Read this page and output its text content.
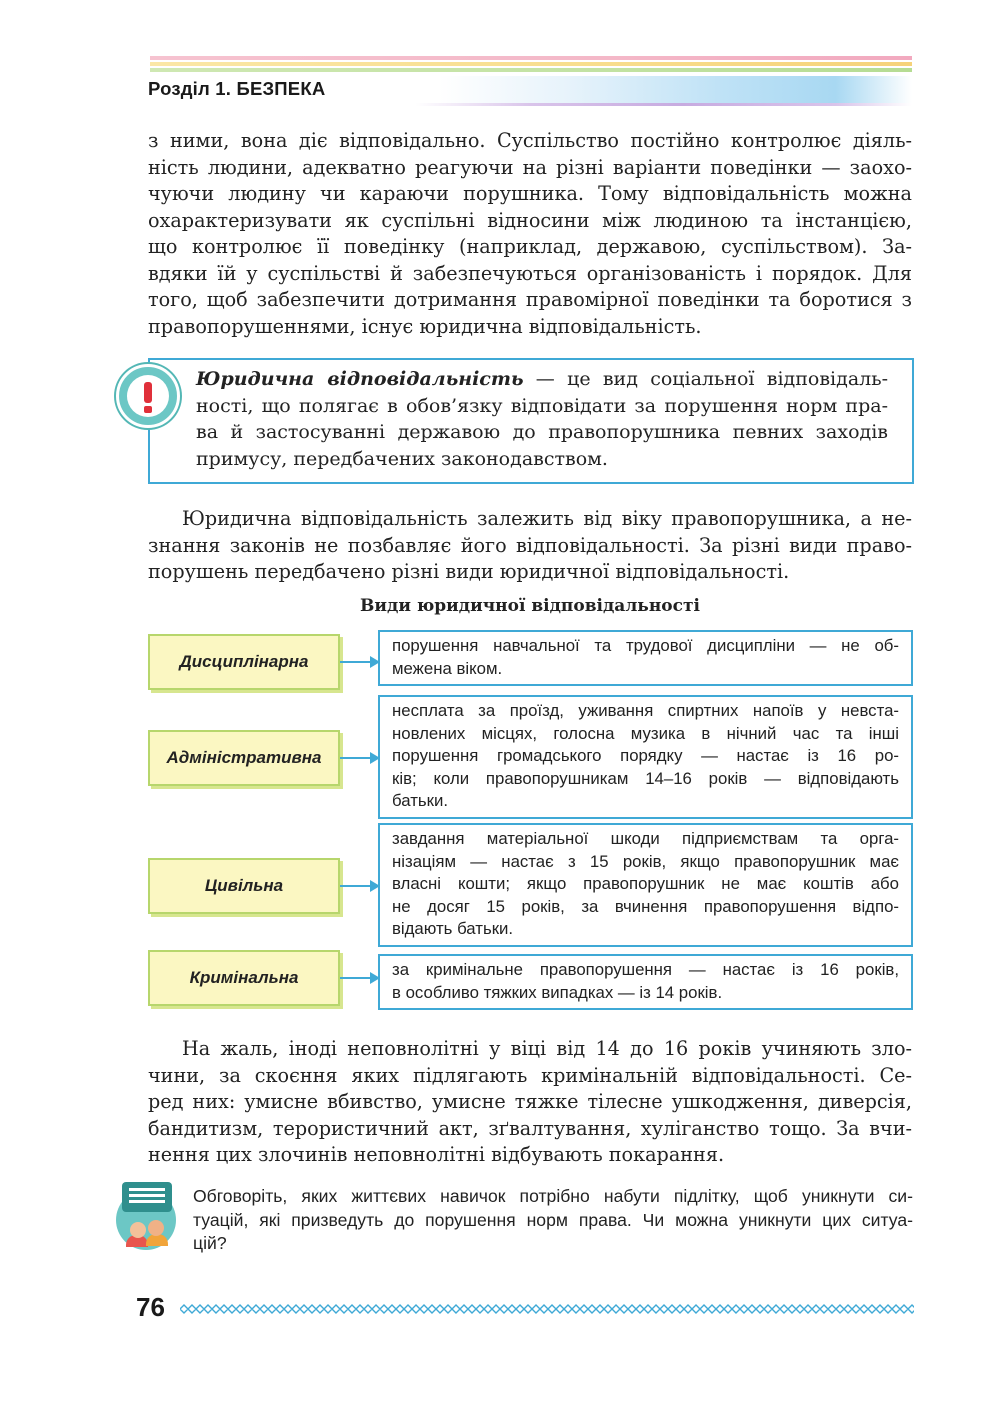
Розділ 1. БЕЗПЕКА
з ними, вона діє відповідально. Суспільство постійно контролює діяль-
ність людини, адекватно реагуючи на різні варіанти поведінки — заохо-
чуючи людину чи караючи порушника. Тому відповідальність можна
охарактеризувати як суспільні відносини між людиною та інстанцією,
що контролює її поведінку (наприклад, державою, суспільством). За-
вдяки їй у суспільстві й забезпечуються організованість і порядок. Для
того, щоб забезпечити дотримання правомірної поведінки та боротися з
правопорушеннями, існує юридична відповідальність.
Юридична відповідальність — це вид соціальної відповідаль-
ності, що полягає в обов’язку відповідати за порушення норм пра-
ва й застосуванні державою до правопорушника певних заходів
примусу, передбачених законодавством.
Юридична відповідальність залежить від віку правопорушника, а не-
знання законів не позбавляє його відповідальності. За різні види право-
порушень передбачено різні види юридичної відповідальності.
Види юридичної відповідальності
Дисциплінарна
порушення навчальної та трудової дисципліни — не об-
межена віком.
Адміністративна
несплата за проїзд, уживання спиртних напоїв у невста-
новлених місцях, голосна музика в нічний час та інші
порушення громадського порядку — настає із 16 ро-
ків; коли правопорушникам 14–16 років — відповідають
батьки.
Цивільна
завдання матеріальної шкоди підприємствам та орга-
нізаціям — настає з 15 років, якщо правопорушник має
власні кошти; якщо правопорушник не має коштів або
не досяг 15 років, за вчинення правопорушення відпо-
відають батьки.
Кримінальна	за кримінальне правопорушення — настає із 16 років,
в особливо тяжких випадках — із 14 років.
На жаль, іноді неповнолітні у віці від 14 до 16 років учиняють зло-
чини, за скоєння яких підлягають кримінальній відповідальності. Се-
ред них: умисне вбивство, умисне тяжке тілесне ушкодження, диверсія,
бандитизм, терористичний акт, зґвалтування, хуліганство тощо. За вчи-
нення цих злочинів неповнолітні відбувають покарання.
Обговоріть, яких життєвих навичок потрібно набути підлітку, щоб уникнути си-
туацій, які призведуть до порушення норм права. Чи можна уникнути цих ситуа-
цій?
76
